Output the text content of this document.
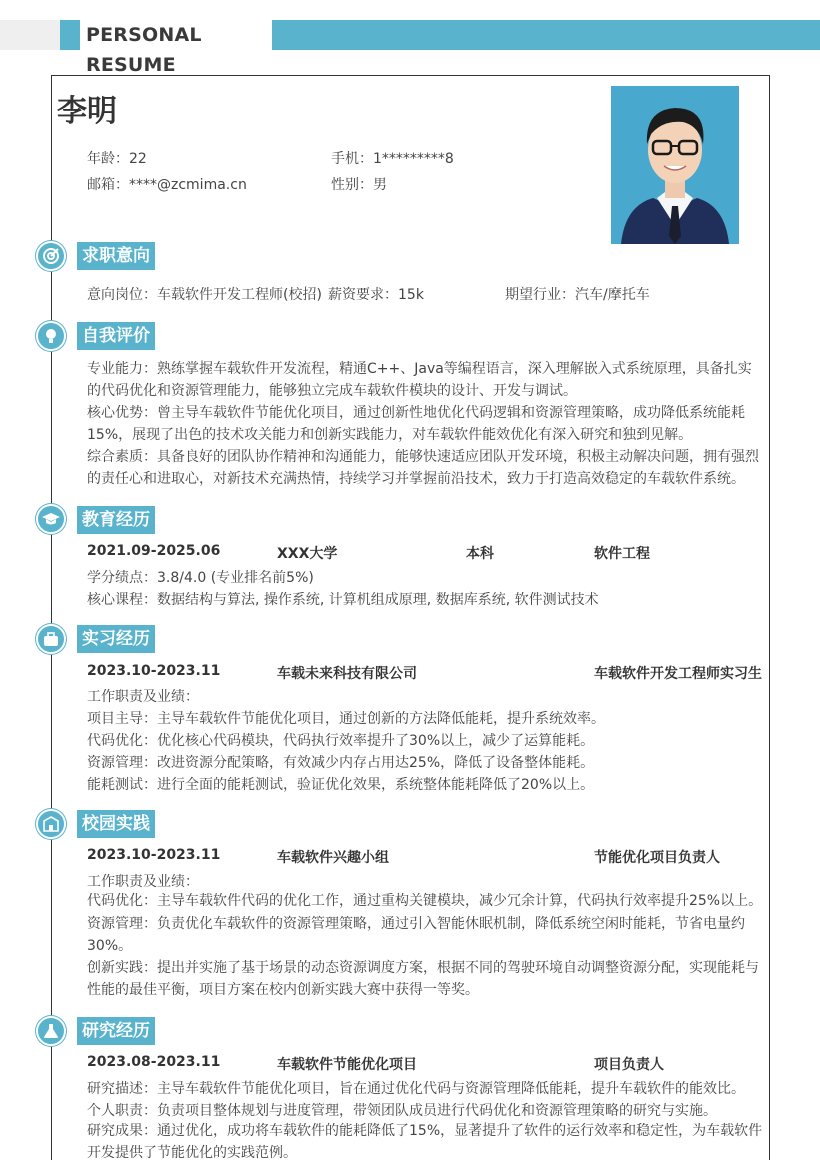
PERSONAL RESUME
李明
年龄：22	手机：1*********8
邮箱：****@zcmima.cn	性别：男
求职意向
意向岗位：车载软件开发工程师(校招) 薪资要求：15k	期望行业：汽车/摩托车
自我评价
专业能力：熟练掌握车载软件开发流程，精通C++、Java等编程语言，深入理解嵌入式系统原理，具备扎实的代码优化和资源管理能力，能够独立完成车载软件模块的设计、开发与调试。
核心优势：曾主导车载软件节能优化项目，通过创新性地优化代码逻辑和资源管理策略，成功降低系统能耗15%，展现了出色的技术攻关能力和创新实践能力，对车载软件能效优化有深入研究和独到见解。
综合素质：具备良好的团队协作精神和沟通能力，能够快速适应团队开发环境，积极主动解决问题，拥有强烈的责任心和进取心，对新技术充满热情，持续学习并掌握前沿技术，致力于打造高效稳定的车载软件系统。
教育经历
2021.09-2025.06	XXX大学	本科	软件工程
学分绩点：3.8/4.0 (专业排名前5%)
核心课程：数据结构与算法, 操作系统, 计算机组成原理, 数据库系统, 软件测试技术
实习经历
2023.10-2023.11	车载未来科技有限公司	车载软件开发工程师实习生
工作职责及业绩：
项目主导：主导车载软件节能优化项目，通过创新的方法降低能耗，提升系统效率。
代码优化：优化核心代码模块，代码执行效率提升了30%以上，减少了运算能耗。
资源管理：改进资源分配策略，有效减少内存占用达25%，降低了设备整体能耗。
能耗测试：进行全面的能耗测试，验证优化效果，系统整体能耗降低了20%以上。
校园实践
2023.10-2023.11	车载软件兴趣小组	节能优化项目负责人
工作职责及业绩：
代码优化：主导车载软件代码的优化工作，通过重构关键模块，减少冗余计算，代码执行效率提升25%以上。
资源管理：负责优化车载软件的资源管理策略，通过引入智能休眠机制，降低系统空闲时能耗，节省电量约30%。
创新实践：提出并实施了基于场景的动态资源调度方案，根据不同的驾驶环境自动调整资源分配，实现能耗与性能的最佳平衡，项目方案在校内创新实践大赛中获得一等奖。
研究经历
2023.08-2023.11	车载软件节能优化项目	项目负责人
研究描述：主导车载软件节能优化项目，旨在通过优化代码与资源管理降低能耗，提升车载软件的能效比。
个人职责：负责项目整体规划与进度管理，带领团队成员进行代码优化和资源管理策略的研究与实施。
研究成果：通过优化，成功将车载软件的能耗降低了15%，显著提升了软件的运行效率和稳定性，为车载软件开发提供了节能优化的实践范例。
